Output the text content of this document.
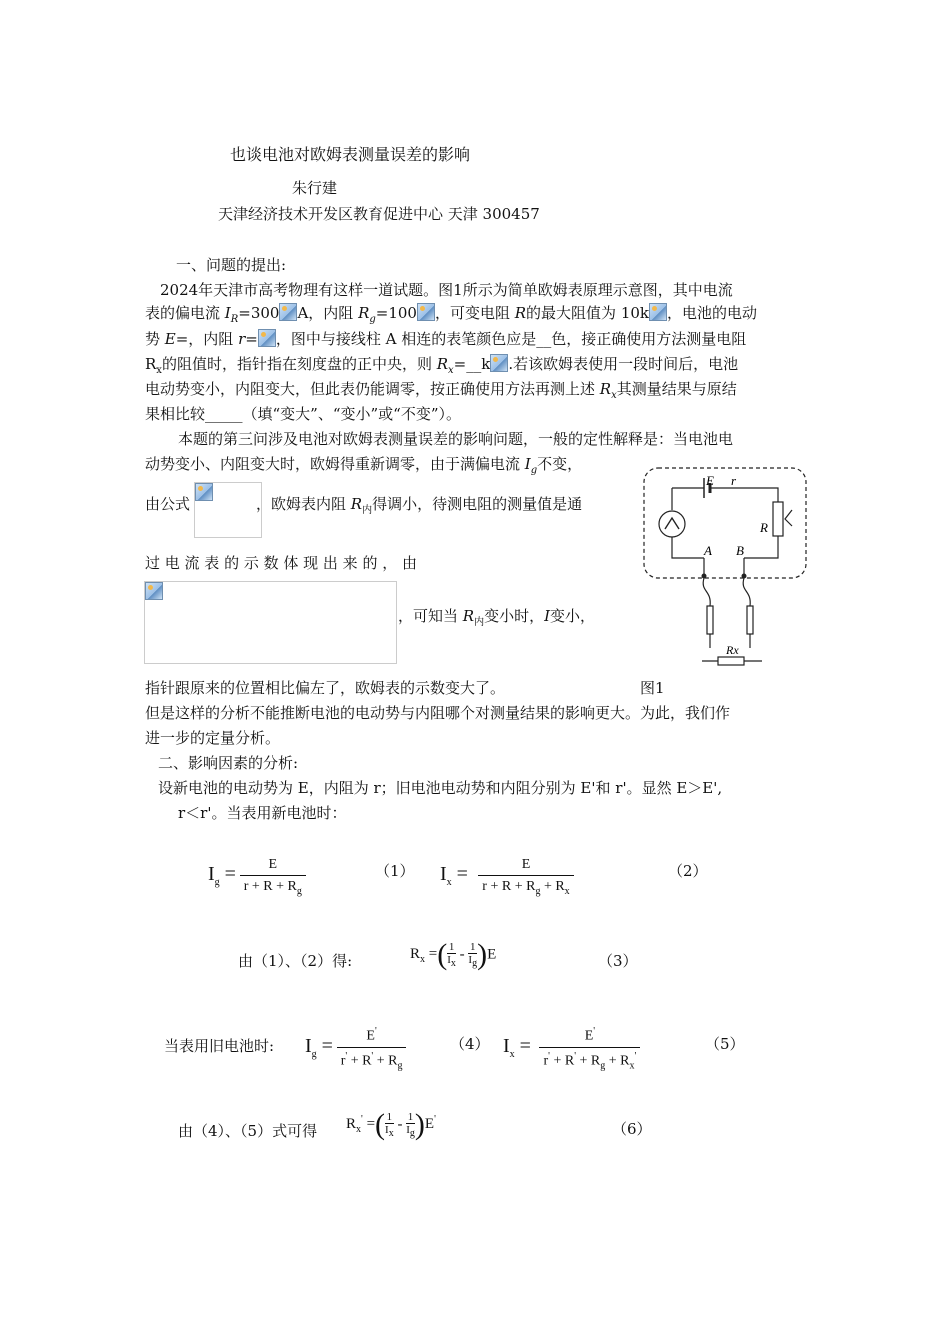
也谈电池对欧姆表测量误差的影响
朱行建
天津经济技术开发区教育促进中心 天津 300457
一、问题的提出:
2024年天津市高考物理有这样一道试题。图1所示为简单欧姆表原理示意图，其中电流
表的偏电流 $I_R=300$ A，内阻 $R_g=100$ ，可变电阻 R的最大阻值为 10k ，电池的电动
势 E=，内阻 r= ，图中与接线柱 A 相连的表笔颜色应是__色，接正确使用方法测量电阻
$R_x$的阻值时，指针指在刻度盘的正中央，则 $R_x=\_\_k$ .若该欧姆表使用一段时间后，电池
电动势变小，内阻变大，但此表仍能调零，按正确使用方法再测上述 $R_x$其测量结果与原结
果相比较_____（填“变大”、“变小”或“不变”）。
本题的第三问涉及电池对欧姆表测量误差的影响问题，一般的定性解释是：当电池电
动势变小、内阻变大时，欧姆得重新调零，由于满偏电流 $I_g$不变，
由公式	，欧姆表内阻 $R_内$得调小，待测电阻的测量值是通
过 电 流 表 的 示 数 体 现 出 来 的 ， 由
，可知当 $R_内$变小时，I变小，
指针跟原来的位置相比偏左了，欧姆表的示数变大了。	图1
但是这样的分析不能推断电池的电动势与内阻哪个对测量结果的影响更大。为此，我们作
进一步的定量分析。
E r
R
A B
Rx
二、影响因素的分析:
设新电池的电动势为 E，内阻为 r；旧电池电动势和内阻分别为 E'和 r'。显然 E＞E',
r＜r'。当表用新电池时：
$I_g = \frac{E}{r + R + R_g}$	（1） $I_x = \frac{E}{r + R + R_g + R_x}$	（2）
由（1）、（2）得:	$R_x$ =( $\frac{1}{I_x} - \frac{1}{I_g} )E$	（3）
当表用旧电池时: $I_g = \frac{E'}{r' + R' + R_g}$	（4） $I_x = \frac{E'}{r' + R' + R_g + R_x'}$	（5）
由（4）、（5）式可得 $R_x'$ =( $\frac{1}{I_x} - \frac{1}{I_g} )E'$
（6）
